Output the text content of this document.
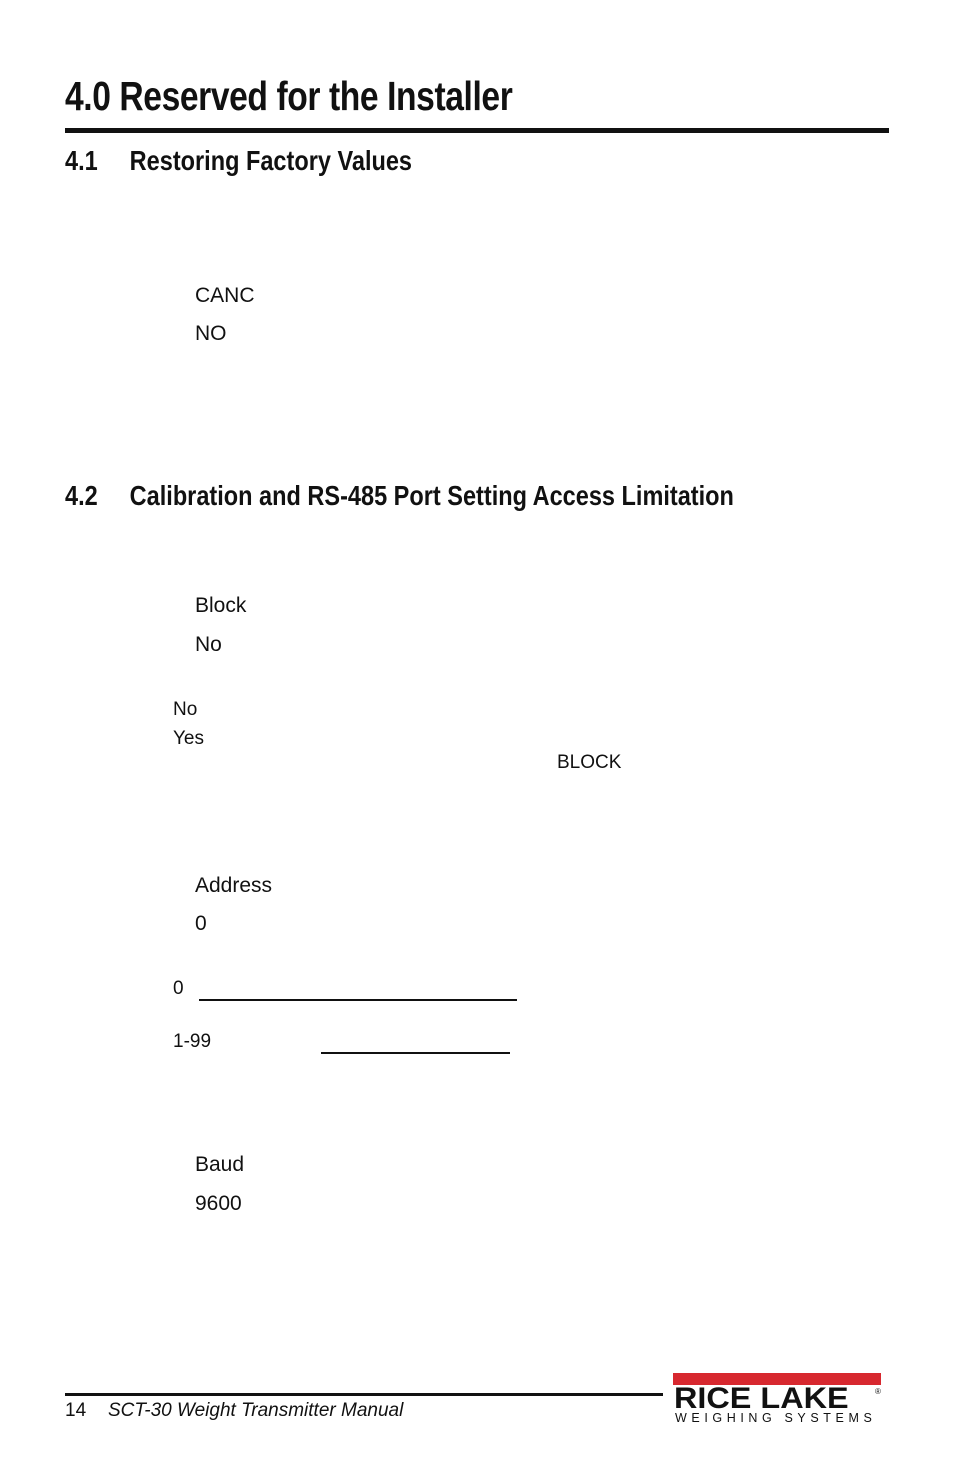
4.0 Reserved for the Installer
4.1 Restoring Factory Values
CANC
NO
4.2 Calibration and RS-485 Port Setting Access Limitation
Block
No
No
Yes
BLOCK
Address
0
0
1-99
Baud
9600
14 SCT-30 Weight Transmitter Manual	RICE LAKE	®
WEIGHING SYSTEMS
